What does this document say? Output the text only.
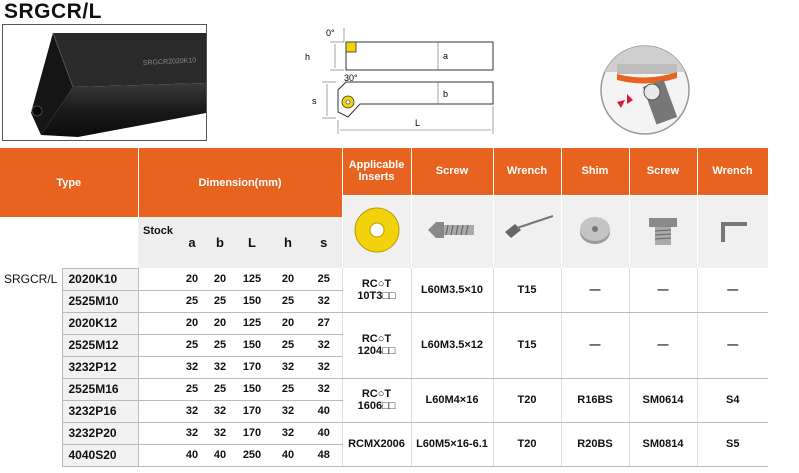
SRGCR/L
SRGCR2020K10
h
0°
a
s
30°
b
L
Type		Dimension(mm)						Applicable Inserts	Screw	Wrench	Shim	Screw	Wrench

		Stock	a	b	L	h	s						

SRGCR/L	2020K10		20	20	125	20	25	RC○T 10T3□□	L60M3.5×10	T15	—	—	—
	2525M10		25	25	150	25	32						
	2020K12		20	20	125	20	27	RC○T 1204□□	L60M3.5×12	T15	—	—	—
	2525M12		25	25	150	25	32						
	3232P12		32	32	170	32	32						
	2525M16		25	25	150	25	32	RC○T 1606□□	L60M4×16	T20	R16BS	SM0614	S4
	3232P16		32	32	170	32	40						
	3232P20		32	32	170	32	40	RCMX2006	L60M5×16-6.1	T20	R20BS	SM0814	S5
	4040S20		40	40	250	40	48						
